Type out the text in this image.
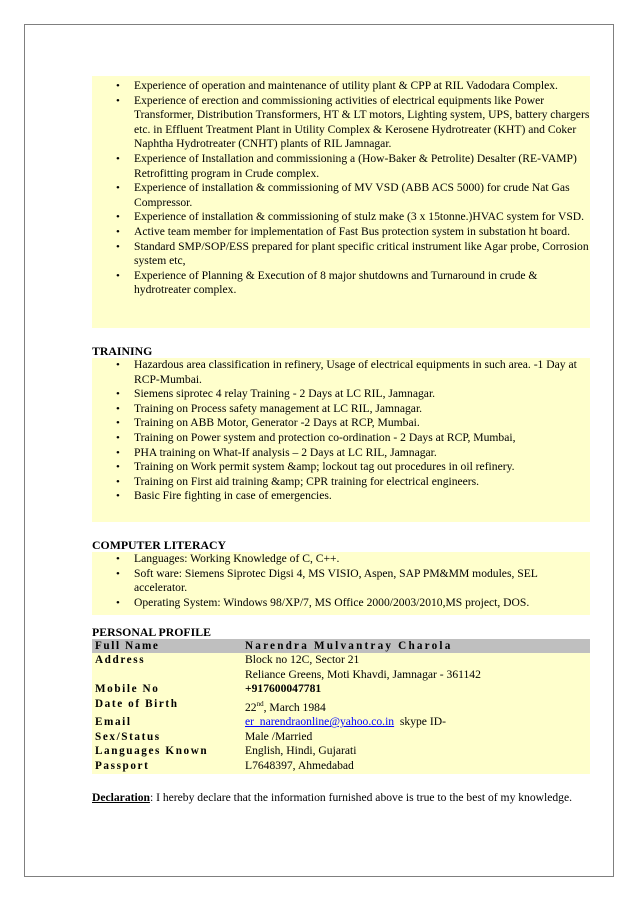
• Experience of operation and maintenance of utility plant & CPP at RIL Vadodara Complex.
• Experience of erection and commissioning activities of electrical equipments like Power Transformer, Distribution Transformers, HT & LT motors, Lighting system, UPS, battery chargers etc. in Effluent Treatment Plant in Utility Complex & Kerosene Hydrotreater (KHT) and Coker Naphtha Hydrotreater (CNHT) plants of RIL Jamnagar.
• Experience of Installation and commissioning a (How-Baker & Petrolite) Desalter (RE-VAMP) Retrofitting program in Crude complex.
• Experience of installation & commissioning of MV VSD (ABB ACS 5000) for crude Nat Gas Compressor.
• Experience of installation & commissioning of stulz make (3 x 15tonne.)HVAC system for VSD.
• Active team member for implementation of Fast Bus protection system in substation ht board.
• Standard SMP/SOP/ESS prepared for plant specific critical instrument like Agar probe, Corrosion system etc,
• Experience of Planning & Execution of 8 major shutdowns and Turnaround in crude & hydrotreater complex.
TRAINING
• Hazardous area classification in refinery, Usage of electrical equipments in such area. -1 Day at RCP-Mumbai.
• Siemens siprotec 4 relay Training - 2 Days at LC RIL, Jamnagar.
• Training on Process safety management at LC RIL, Jamnagar.
• Training on ABB Motor, Generator -2 Days at RCP, Mumbai.
• Training on Power system and protection co-ordination - 2 Days at RCP, Mumbai,
• PHA training on What-If analysis – 2 Days at LC RIL, Jamnagar.
• Training on Work permit system &amp; lockout tag out procedures in oil refinery.
• Training on First aid training &amp; CPR training for electrical engineers.
• Basic Fire fighting in case of emergencies.
COMPUTER LITERACY
• Languages: Working Knowledge of C, C++.
• Soft ware: Siemens Siprotec Digsi 4, MS VISIO, Aspen, SAP PM&MM modules, SEL accelerator.
• Operating System: Windows 98/XP/7, MS Office 2000/2003/2010,MS project, DOS.
PERSONAL PROFILE
Full Name	Narendra Mulvantray Charola
Address	Block no 12C, Sector 21
Reliance Greens, Moti Khavdi, Jamnagar - 361142

Mobile No	+917600047781
Date of Birth	22nd, March 1984
Email	er_narendraonline@yahoo.co.in  skype ID-
Sex/Status	Male /Married
Languages Known	English, Hindi, Gujarati
Passport	L7648397, Ahmedabad
Declaration: I hereby declare that the information furnished above is true to the best of my knowledge.
